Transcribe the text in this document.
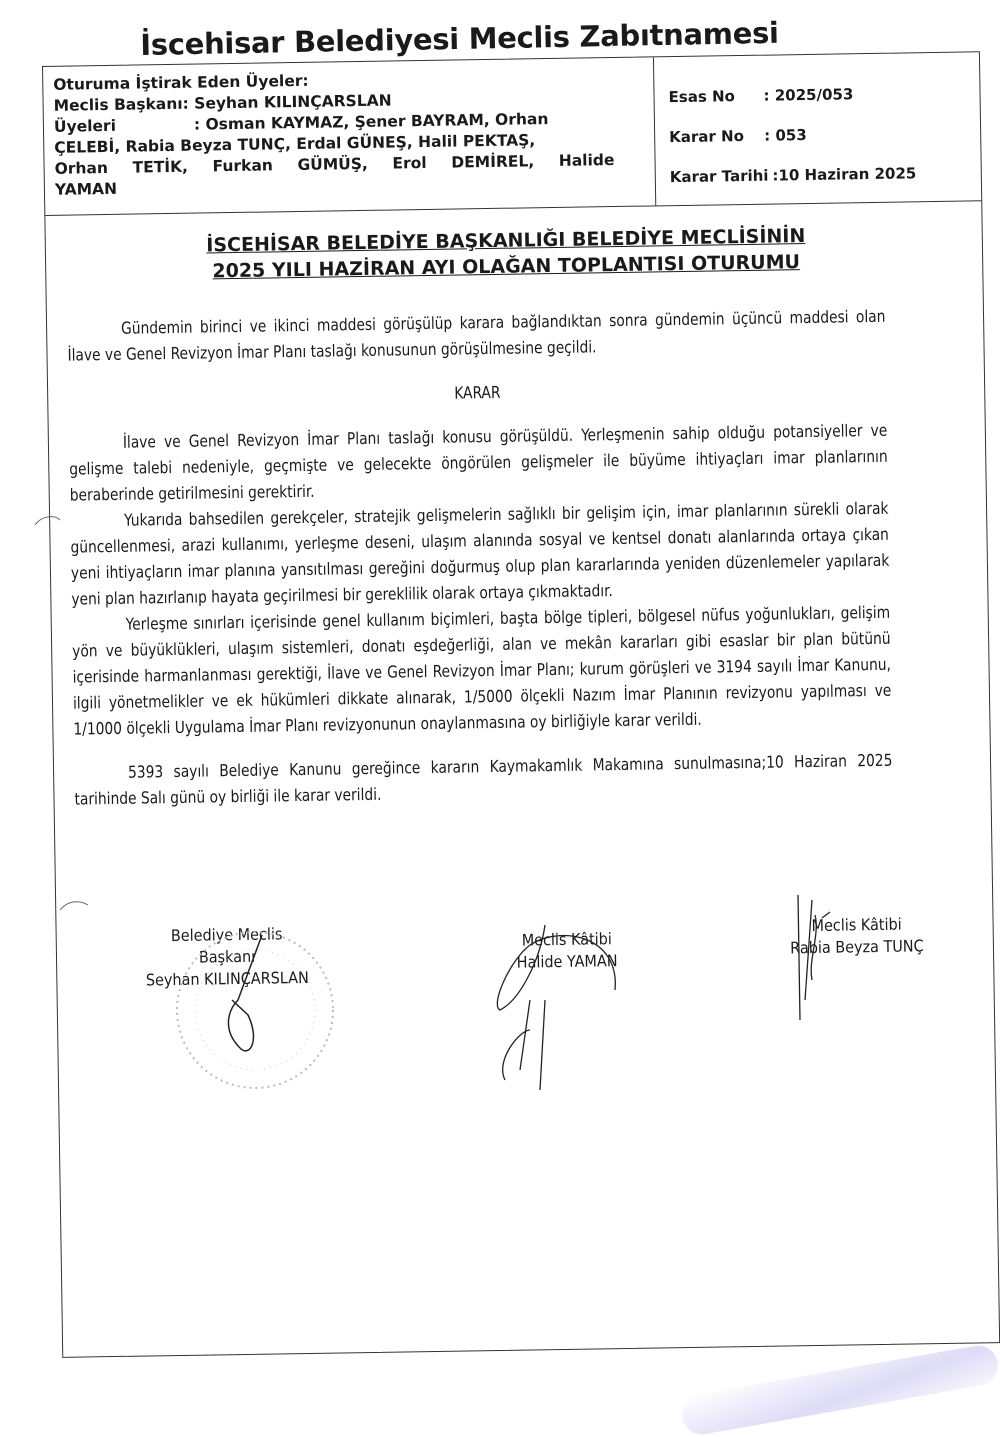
İscehisar Belediyesi Meclis Zabıtnamesi
Oturuma İştirak Eden Üyeler:
Meclis Başkanı: Seyhan KILINÇARSLAN
Üyeleri	: Osman KAYMAZ, Şener BAYRAM, Orhan
ÇELEBİ, Rabia Beyza TUNÇ, Erdal GÜNEŞ, Halil PEKTAŞ,
Orhan TETİK, Furkan GÜMÜŞ, Erol DEMİREL, Halide
YAMAN
Esas No	: 2025/053
Karar No	: 053
Karar Tarihi :10 Haziran 2025
İSCEHİSAR BELEDİYE BAŞKANLIĞI BELEDİYE MECLİSİNİN
2025 YILI HAZİRAN AYI OLAĞAN TOPLANTISI OTURUMU

Gündemin birinci ve ikinci maddesi görüşülüp karara bağlandıktan sonra gündemin üçüncü maddesi olan İlave ve Genel Revizyon İmar Planı taslağı konusunun görüşülmesine geçildi.

KARAR

İlave ve Genel Revizyon İmar Planı taslağı konusu görüşüldü. Yerleşmenin sahip olduğu potansiyeller ve gelişme talebi nedeniyle, geçmişte ve gelecekte öngörülen gelişmeler ile büyüme ihtiyaçları imar planlarının beraberinde getirilmesini gerektirir.

Yukarıda bahsedilen gerekçeler, stratejik gelişmelerin sağlıklı bir gelişim için, imar planlarının sürekli olarak güncellenmesi, arazi kullanımı, yerleşme deseni, ulaşım alanında sosyal ve kentsel donatı alanlarında ortaya çıkan yeni ihtiyaçların imar planına yansıtılması gereğini doğurmuş olup plan kararlarında yeniden düzenlemeler yapılarak yeni plan hazırlanıp hayata geçirilmesi bir gereklilik olarak ortaya çıkmaktadır.

Yerleşme sınırları içerisinde genel kullanım biçimleri, başta bölge tipleri, bölgesel nüfus yoğunlukları, gelişim yön ve büyüklükleri, ulaşım sistemleri, donatı eşdeğerliği, alan ve mekân kararları gibi esaslar bir plan bütünü içerisinde harmanlanması gerektiği, İlave ve Genel Revizyon İmar Planı; kurum görüşleri ve 3194 sayılı İmar Kanunu, ilgili yönetmelikler ve ek hükümleri dikkate alınarak, 1/5000 ölçekli Nazım İmar Planının revizyonu yapılması ve 1/1000 ölçekli Uygulama İmar Planı revizyonunun onaylanmasına oy birliğiyle karar verildi.

5393 sayılı Belediye Kanunu gereğince kararın Kaymakamlık Makamına sunulmasına;10 Haziran 2025 tarihinde Salı günü oy birliği ile karar verildi.

Belediye Meclis
Başkanı
Seyhan KILINÇARSLAN
Meclis Kâtibi
Halide YAMAN
Meclis Kâtibi
Rabia Beyza TUNÇ
